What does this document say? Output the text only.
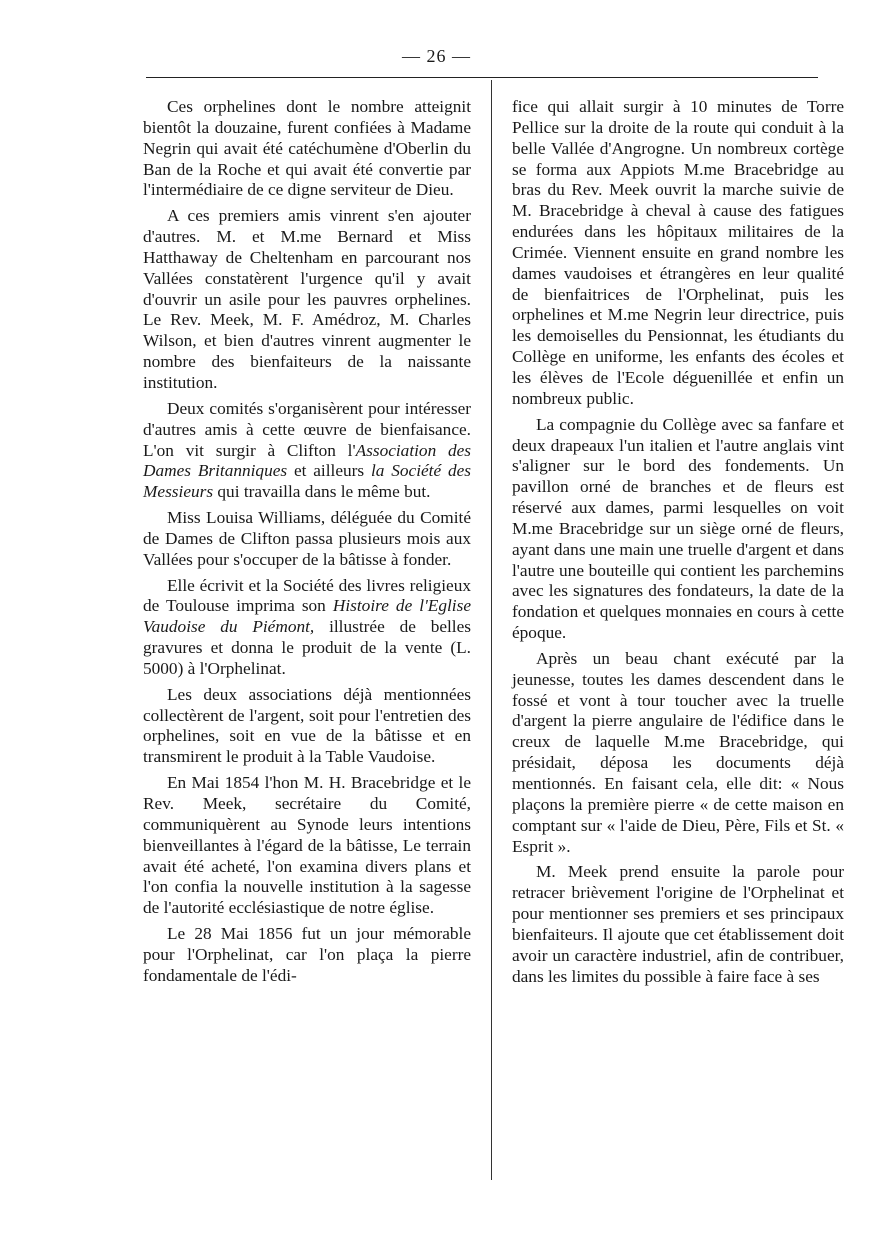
— 26 —

Ces orphelines dont le nombre atteignit bientôt la douzaine, furent confiées à Madame Negrin qui avait été catéchumène d'Oberlin du Ban de la Roche et qui avait été convertie par l'intermédiaire de ce digne serviteur de Dieu.

A ces premiers amis vinrent s'en ajouter d'autres. M. et M.me Bernard et Miss Hatthaway de Cheltenham en parcourant nos Vallées constatèrent l'urgence qu'il y avait d'ouvrir un asile pour les pauvres orphelines. Le Rev. Meek, M. F. Amédroz, M. Charles Wilson, et bien d'autres vinrent augmenter le nombre des bienfaiteurs de la naissante institution.

Deux comités s'organisèrent pour intéresser d'autres amis à cette œuvre de bienfaisance. L'on vit surgir à Clifton l'Association des Dames Britanniques et ailleurs la Société des Messieurs qui travailla dans le même but.

Miss Louisa Williams, déléguée du Comité de Dames de Clifton passa plusieurs mois aux Vallées pour s'occuper de la bâtisse à fonder.

Elle écrivit et la Société des livres religieux de Toulouse imprima son Histoire de l'Eglise Vaudoise du Piémont, illustrée de belles gravures et donna le produit de la vente (L. 5000) à l'Orphelinat.

Les deux associations déjà mentionnées collectèrent de l'argent, soit pour l'entretien des orphelines, soit en vue de la bâtisse et en transmirent le produit à la Table Vaudoise.

En Mai 1854 l'hon M. H. Bracebridge et le Rev. Meek, secrétaire du Comité, communiquèrent au Synode leurs intentions bienveillantes à l'égard de la bâtisse, Le terrain avait été acheté, l'on examina divers plans et l'on confia la nouvelle institution à la sagesse de l'autorité ecclésiastique de notre église.

Le 28 Mai 1856 fut un jour mémorable pour l'Orphelinat, car l'on plaça la pierre fondamentale de l'édi-

fice qui allait surgir à 10 minutes de Torre Pellice sur la droite de la route qui conduit à la belle Vallée d'Angrogne. Un nombreux cortège se forma aux Appiots M.me Bracebridge au bras du Rev. Meek ouvrit la marche suivie de M. Bracebridge à cheval à cause des fatigues endurées dans les hôpitaux militaires de la Crimée. Viennent ensuite en grand nombre les dames vaudoises et étrangères en leur qualité de bienfaitrices de l'Orphelinat, puis les orphelines et M.me Negrin leur directrice, puis les demoiselles du Pensionnat, les étudiants du Collège en uniforme, les enfants des écoles et les élèves de l'Ecole déguenillée et enfin un nombreux public.

La compagnie du Collège avec sa fanfare et deux drapeaux l'un italien et l'autre anglais vint s'aligner sur le bord des fondements. Un pavillon orné de branches et de fleurs est réservé aux dames, parmi lesquelles on voit M.me Bracebridge sur un siège orné de fleurs, ayant dans une main une truelle d'argent et dans l'autre une bouteille qui contient les parchemins avec les signatures des fondateurs, la date de la fondation et quelques monnaies en cours à cette époque.

Après un beau chant exécuté par la jeunesse, toutes les dames descendent dans le fossé et vont à tour toucher avec la truelle d'argent la pierre angulaire de l'édifice dans le creux de laquelle M.me Bracebridge, qui présidait, déposa les documents déjà mentionnés. En faisant cela, elle dit: « Nous plaçons la première pierre « de cette maison en comptant sur « l'aide de Dieu, Père, Fils et St. « Esprit ».

M. Meek prend ensuite la parole pour retracer brièvement l'origine de l'Orphelinat et pour mentionner ses premiers et ses principaux bienfaiteurs. Il ajoute que cet établissement doit avoir un caractère industriel, afin de contribuer, dans les limites du possible à faire face à ses
